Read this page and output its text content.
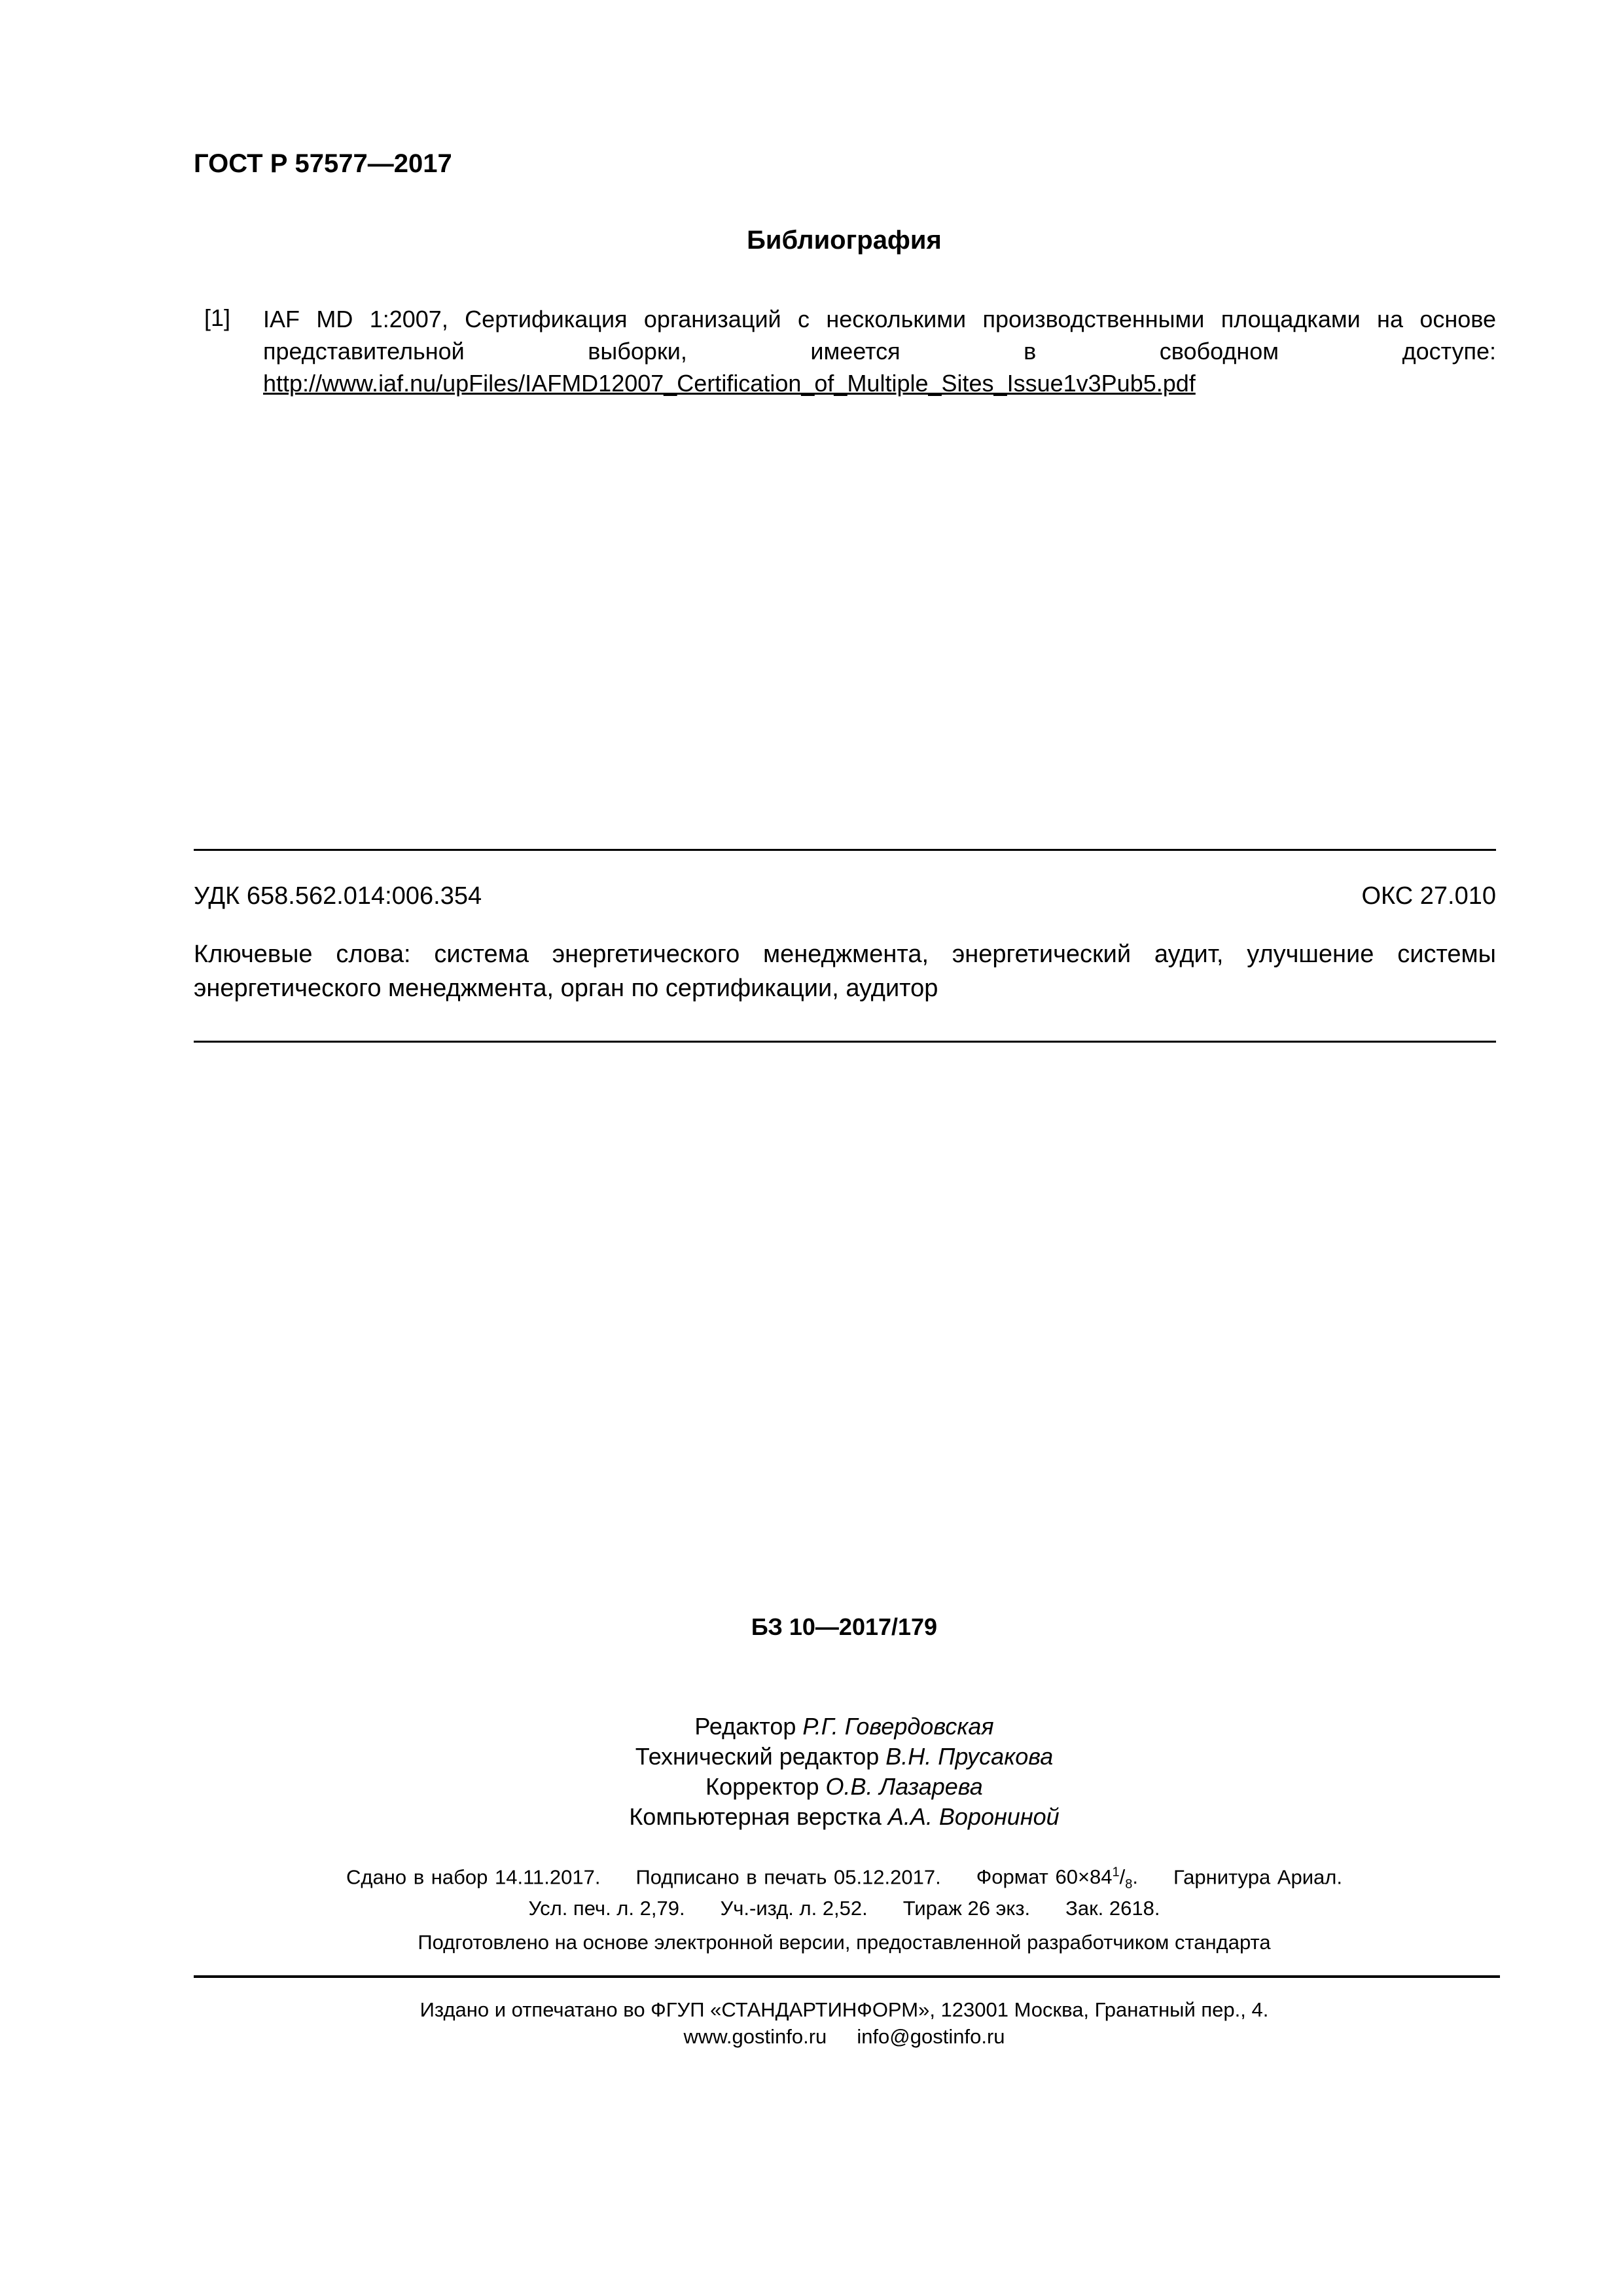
ГОСТ Р 57577—2017
Библиография
[1] IAF MD 1:2007, Сертификация организаций с несколькими производственными площадками на основе представительной выборки, имеется в свободном доступе: http://www.iaf.nu/upFiles/IAFMD12007_Certification_of_Multiple_Sites_Issue1v3Pub5.pdf
УДК 658.562.014:006.354	ОКС 27.010
Ключевые слова: система энергетического менеджмента, энергетический аудит, улучшение системы энергетического менеджмента, орган по сертификации, аудитор
БЗ 10—2017/179
Редактор Р.Г. Говердовская
Технический редактор В.Н. Прусакова
Корректор О.В. Лазарева
Компьютерная верстка А.А. Ворониной
Сдано в набор 14.11.2017. Подписано в печать 05.12.2017. Формат $60\times 84^1/_8$. Гарнитура Ариал.
Усл. печ. л. 2,79. Уч.-изд. л. 2,52. Тираж 26 экз. Зак. 2618.
Подготовлено на основе электронной версии, предоставленной разработчиком стандарта
Издано и отпечатано во ФГУП «СТАНДАРТИНФОРМ», 123001 Москва, Гранатный пер., 4.
www.gostinfo.ru info@gostinfo.ru
